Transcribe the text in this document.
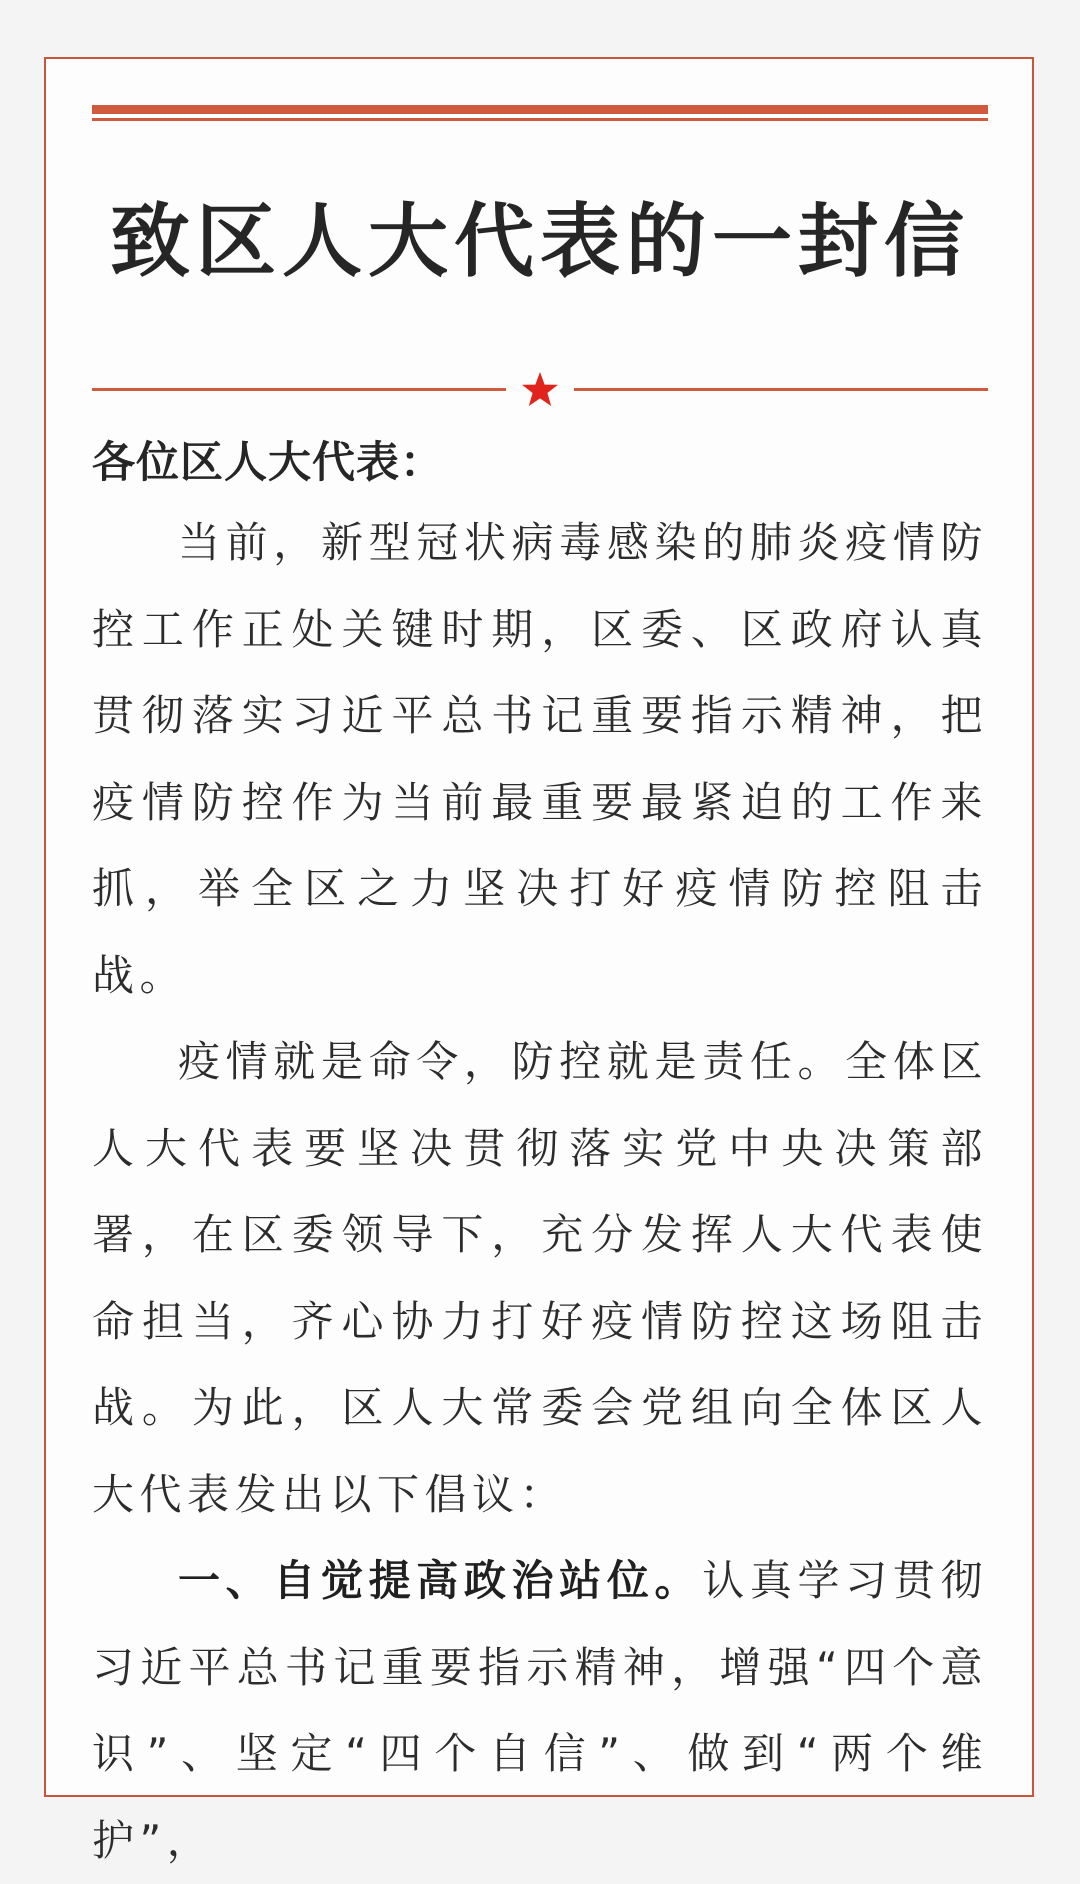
致区人大代表的一封信

各位区人大代表：

当前，新型冠状病毒感染的肺炎疫情防控工作正处关键时期，区委、区政府认真贯彻落实习近平总书记重要指示精神，把疫情防控作为当前最重要最紧迫的工作来抓，举全区之力坚决打好疫情防控阻击战。

疫情就是命令，防控就是责任。全体区人大代表要坚决贯彻落实党中央决策部署，在区委领导下，充分发挥人大代表使命担当，齐心协力打好疫情防控这场阻击战。为此，区人大常委会党组向全体区人大代表发出以下倡议：

一、自觉提高政治站位。认真学习贯彻习近平总书记重要指示精神，增强“四个意识”、坚定“四个自信”、做到“两个维护”，
